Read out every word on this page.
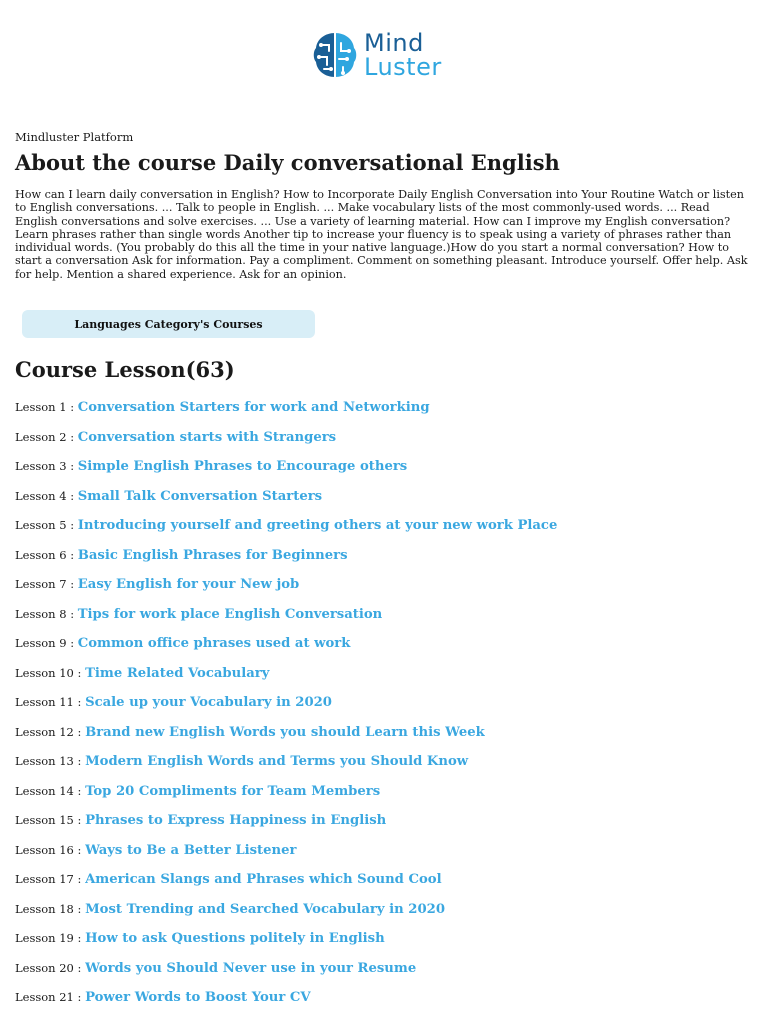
Mind
Luster
Mindluster Platform
About the course Daily conversational English

How can I learn daily conversation in English? How to Incorporate Daily English Conversation into Your Routine Watch or listen to English conversations. ... Talk to people in English. ... Make vocabulary lists of the most commonly-used words. ... Read English conversations and solve exercises. ... Use a variety of learning material. How can I improve my English conversation? Learn phrases rather than single words Another tip to increase your fluency is to speak using a variety of phrases rather than individual words. (You probably do this all the time in your native language.)How do you start a normal conversation? How to start a conversation Ask for information. Pay a compliment. Comment on something pleasant. Introduce yourself. Offer help. Ask for help. Mention a shared experience. Ask for an opinion.

Languages Category's Courses
Course Lesson(63)
Lesson 1 : Conversation Starters for work and Networking
Lesson 2 : Conversation starts with Strangers
Lesson 3 : Simple English Phrases to Encourage others
Lesson 4 : Small Talk Conversation Starters
Lesson 5 : Introducing yourself and greeting others at your new work Place
Lesson 6 : Basic English Phrases for Beginners
Lesson 7 : Easy English for your New job
Lesson 8 : Tips for work place English Conversation
Lesson 9 : Common office phrases used at work
Lesson 10 : Time Related Vocabulary
Lesson 11 : Scale up your Vocabulary in 2020
Lesson 12 : Brand new English Words you should Learn this Week
Lesson 13 : Modern English Words and Terms you Should Know
Lesson 14 : Top 20 Compliments for Team Members
Lesson 15 : Phrases to Express Happiness in English
Lesson 16 : Ways to Be a Better Listener
Lesson 17 : American Slangs and Phrases which Sound Cool
Lesson 18 : Most Trending and Searched Vocabulary in 2020
Lesson 19 : How to ask Questions politely in English
Lesson 20 : Words you Should Never use in your Resume
Lesson 21 : Power Words to Boost Your CV
